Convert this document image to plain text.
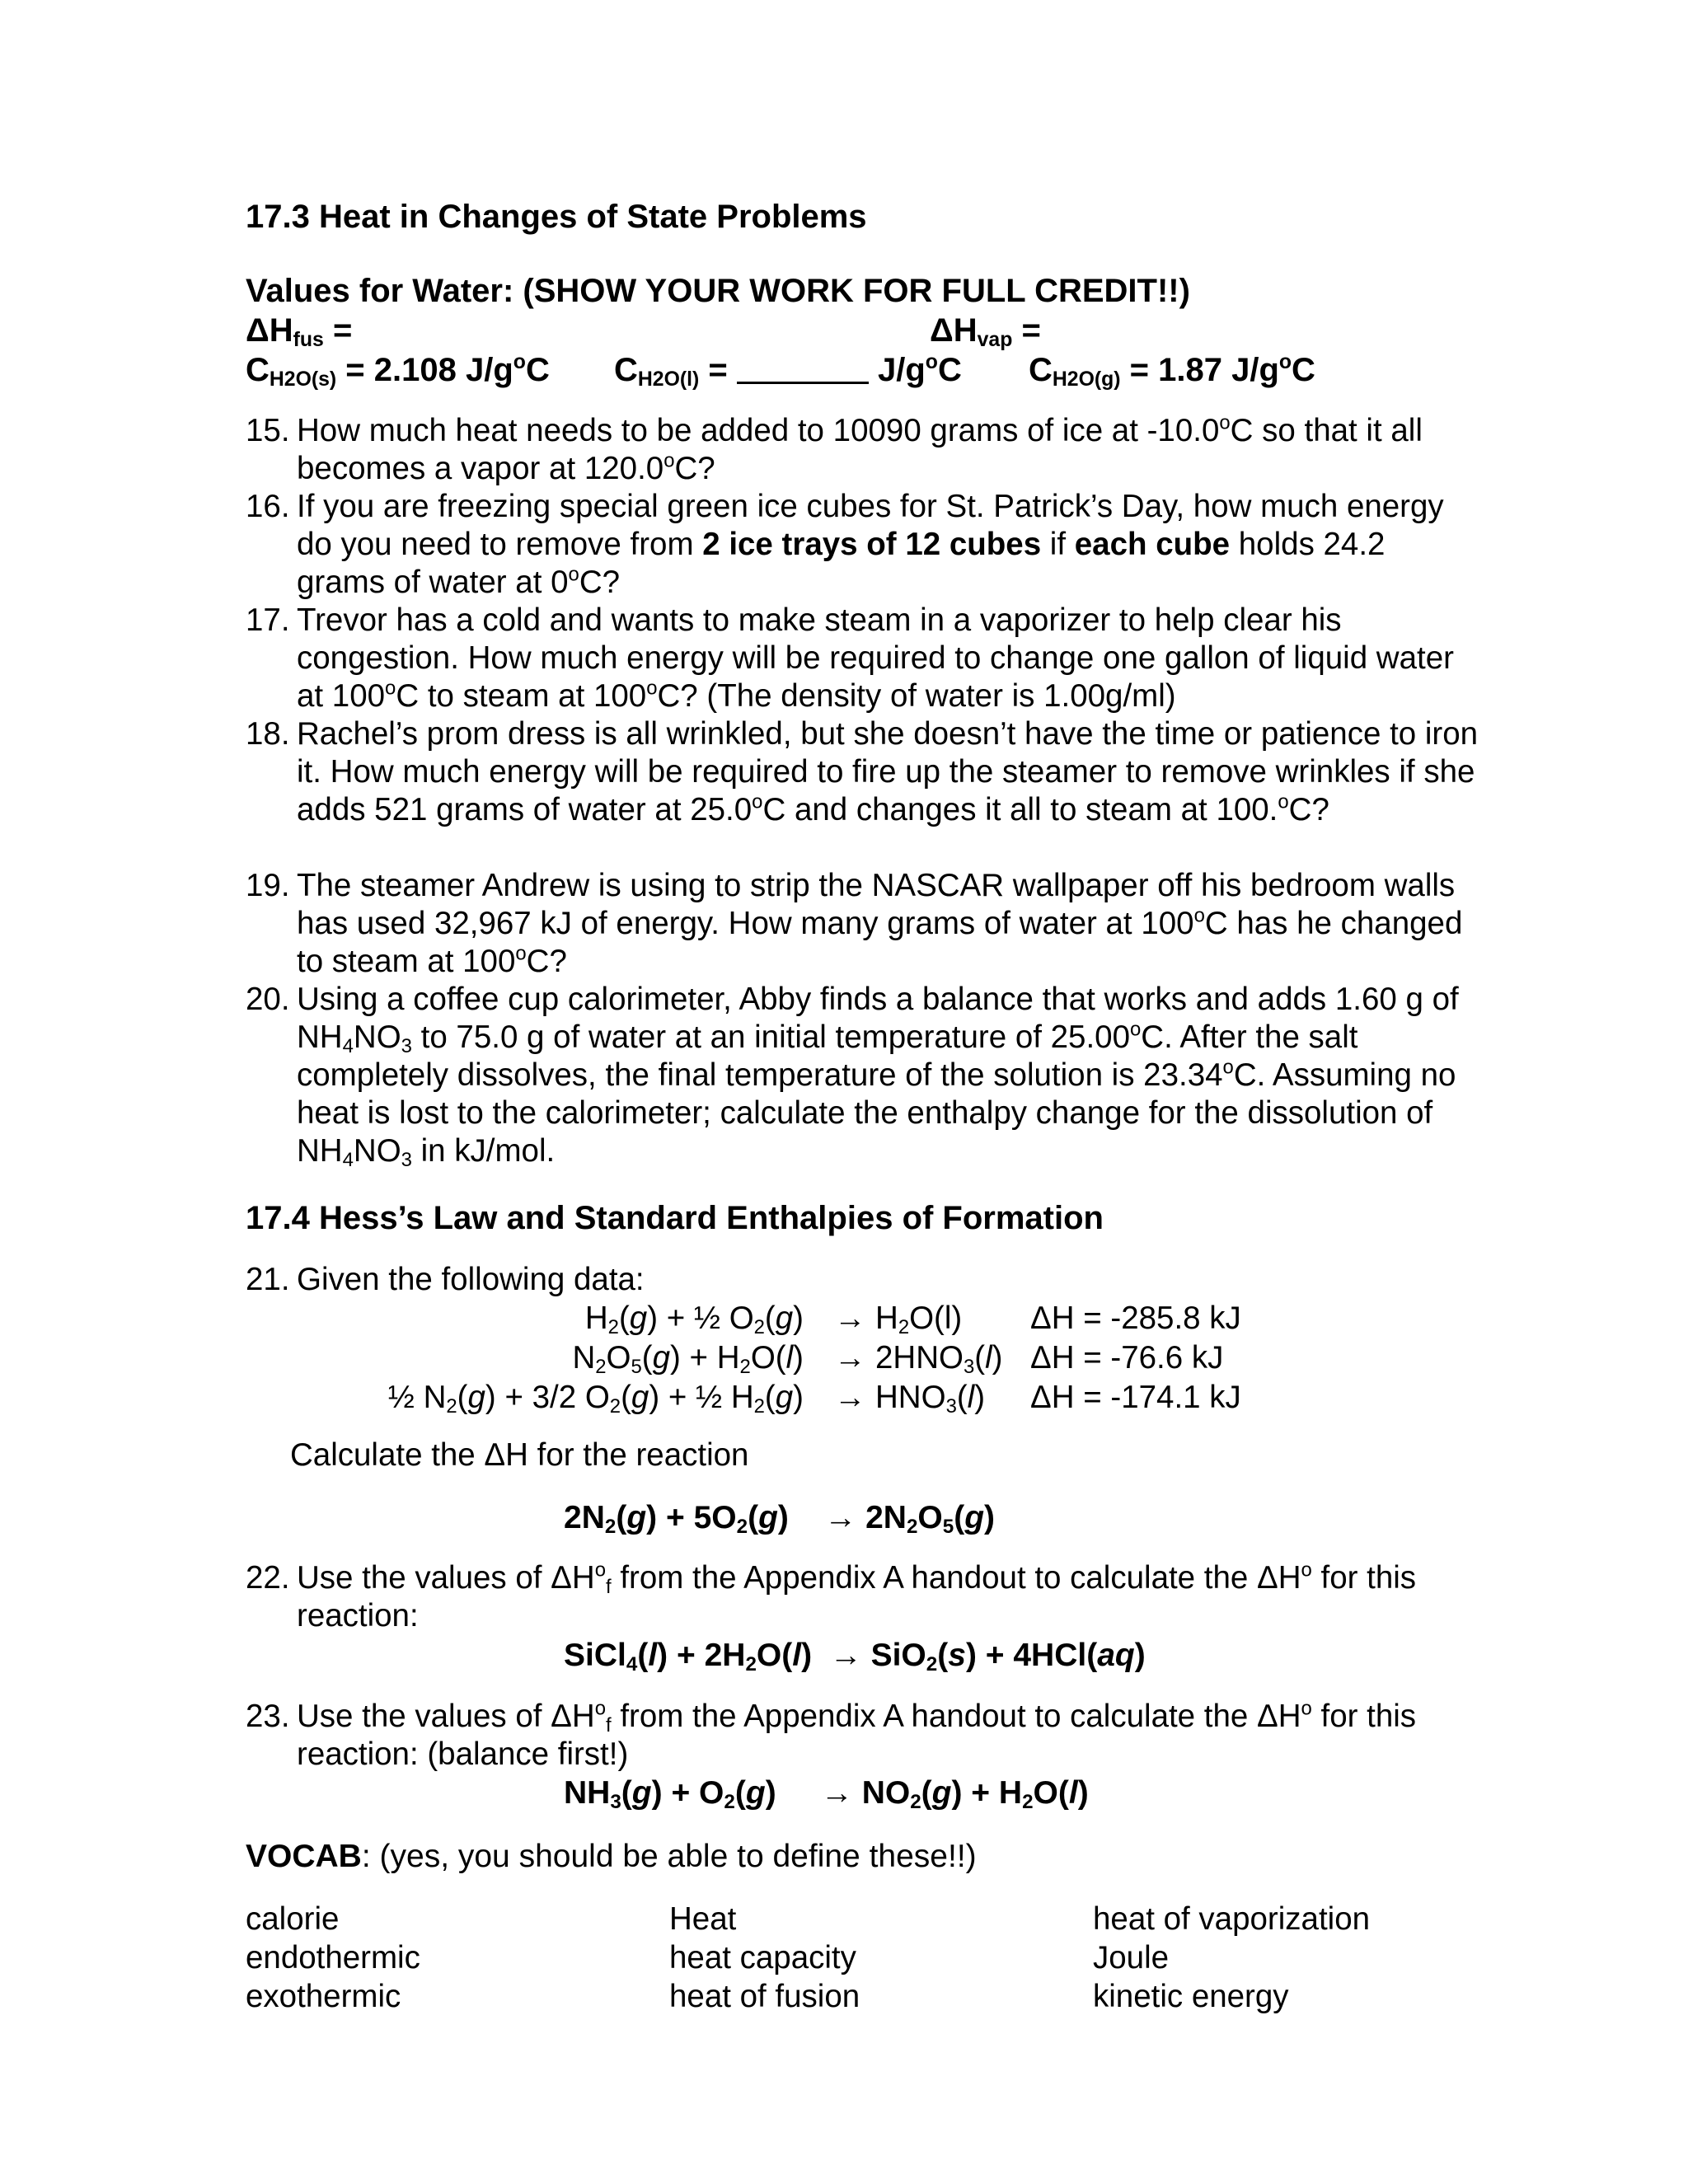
17.3 Heat in Changes of State Problems
Values for Water: (SHOW YOUR WORK FOR FULL CREDIT!!)
$\Delta H_{fus}$ =	$\Delta H_{vap}$ =
$C_{H2O(s)} = 2.108$ $J/g^oC$ $C_{H2O(l)}$ =	$J/g^oC$ $C_{H2O(g)} = 1.87$ $J/g^oC$
15. How much heat needs to be added to 10090 grams of ice at -10.0$^o$C so that it all becomes a vapor at 120.0$^o$C?
16. If you are freezing special green ice cubes for St. Patrick’s Day, how much energy do you need to remove from 2 ice trays of 12 cubes if each cube holds 24.2 grams of water at 0$^o$C?
17. Trevor has a cold and wants to make steam in a vaporizer to help clear his congestion. How much energy will be required to change one gallon of liquid water at 100$^o$C to steam at 100$^o$C? (The density of water is 1.00g/ml)
18. Rachel’s prom dress is all wrinkled, but she doesn’t have the time or patience to iron it. How much energy will be required to fire up the steamer to remove wrinkles if she adds 521 grams of water at 25.0$^o$C and changes it all to steam at 100.$^o$C?
19. The steamer Andrew is using to strip the NASCAR wallpaper off his bedroom walls has used 32,967 kJ of energy. How many grams of water at 100$^o$C has he changed to steam at 100$^o$C?
20. Using a coffee cup calorimeter, Abby finds a balance that works and adds 1.60 g of $NH_4NO_3$ to 75.0 g of water at an initial temperature of 25.00$^o$C. After the salt completely dissolves, the final temperature of the solution is 23.34$^o$C. Assuming no heat is lost to the calorimeter; calculate the enthalpy change for the dissolution of $NH_4NO_3$ in kJ/mol.
17.4 Hess’s Law and Standard Enthalpies of Formation
21. Given the following data:
$H_2(g)$ + ½ $O_2(g) \to H_2O(l) \Delta H = -285.8$ kJ
$N_2O_5(g) + H_2O(l) \to 2HNO_3(l) \Delta H = -76.6$ kJ
½ $N_2(g) + 3/2$ $O_2(g)$ + ½ $H_2(g) \to HNO_3(l) \Delta H = -174.1$ kJ
Calculate the ΔH for the reaction
$2N_2(g) + 5O_2(g)$    → $2N_2O_5(g)$
22. Use the values of $\Delta H^o_f$ from the Appendix A handout to calculate the $\Delta H^o$ for this reaction:
SiCl$_4$(l) + $2H_2O(l) \to SiO_2(s) + 4HCl(aq)$
23. Use the values of $\Delta H^o_f$ from the Appendix A handout to calculate the $\Delta H^o$ for this reaction: (balance first!)
$NH_3(g) + O_2(g)$     → $NO_2(g) + H_2O(l)$
VOCAB: (yes, you should be able to define these!!)
calorie
endothermic
exothermic
Heat
heat capacity
heat of fusion
heat of vaporization
Joule
kinetic energy
